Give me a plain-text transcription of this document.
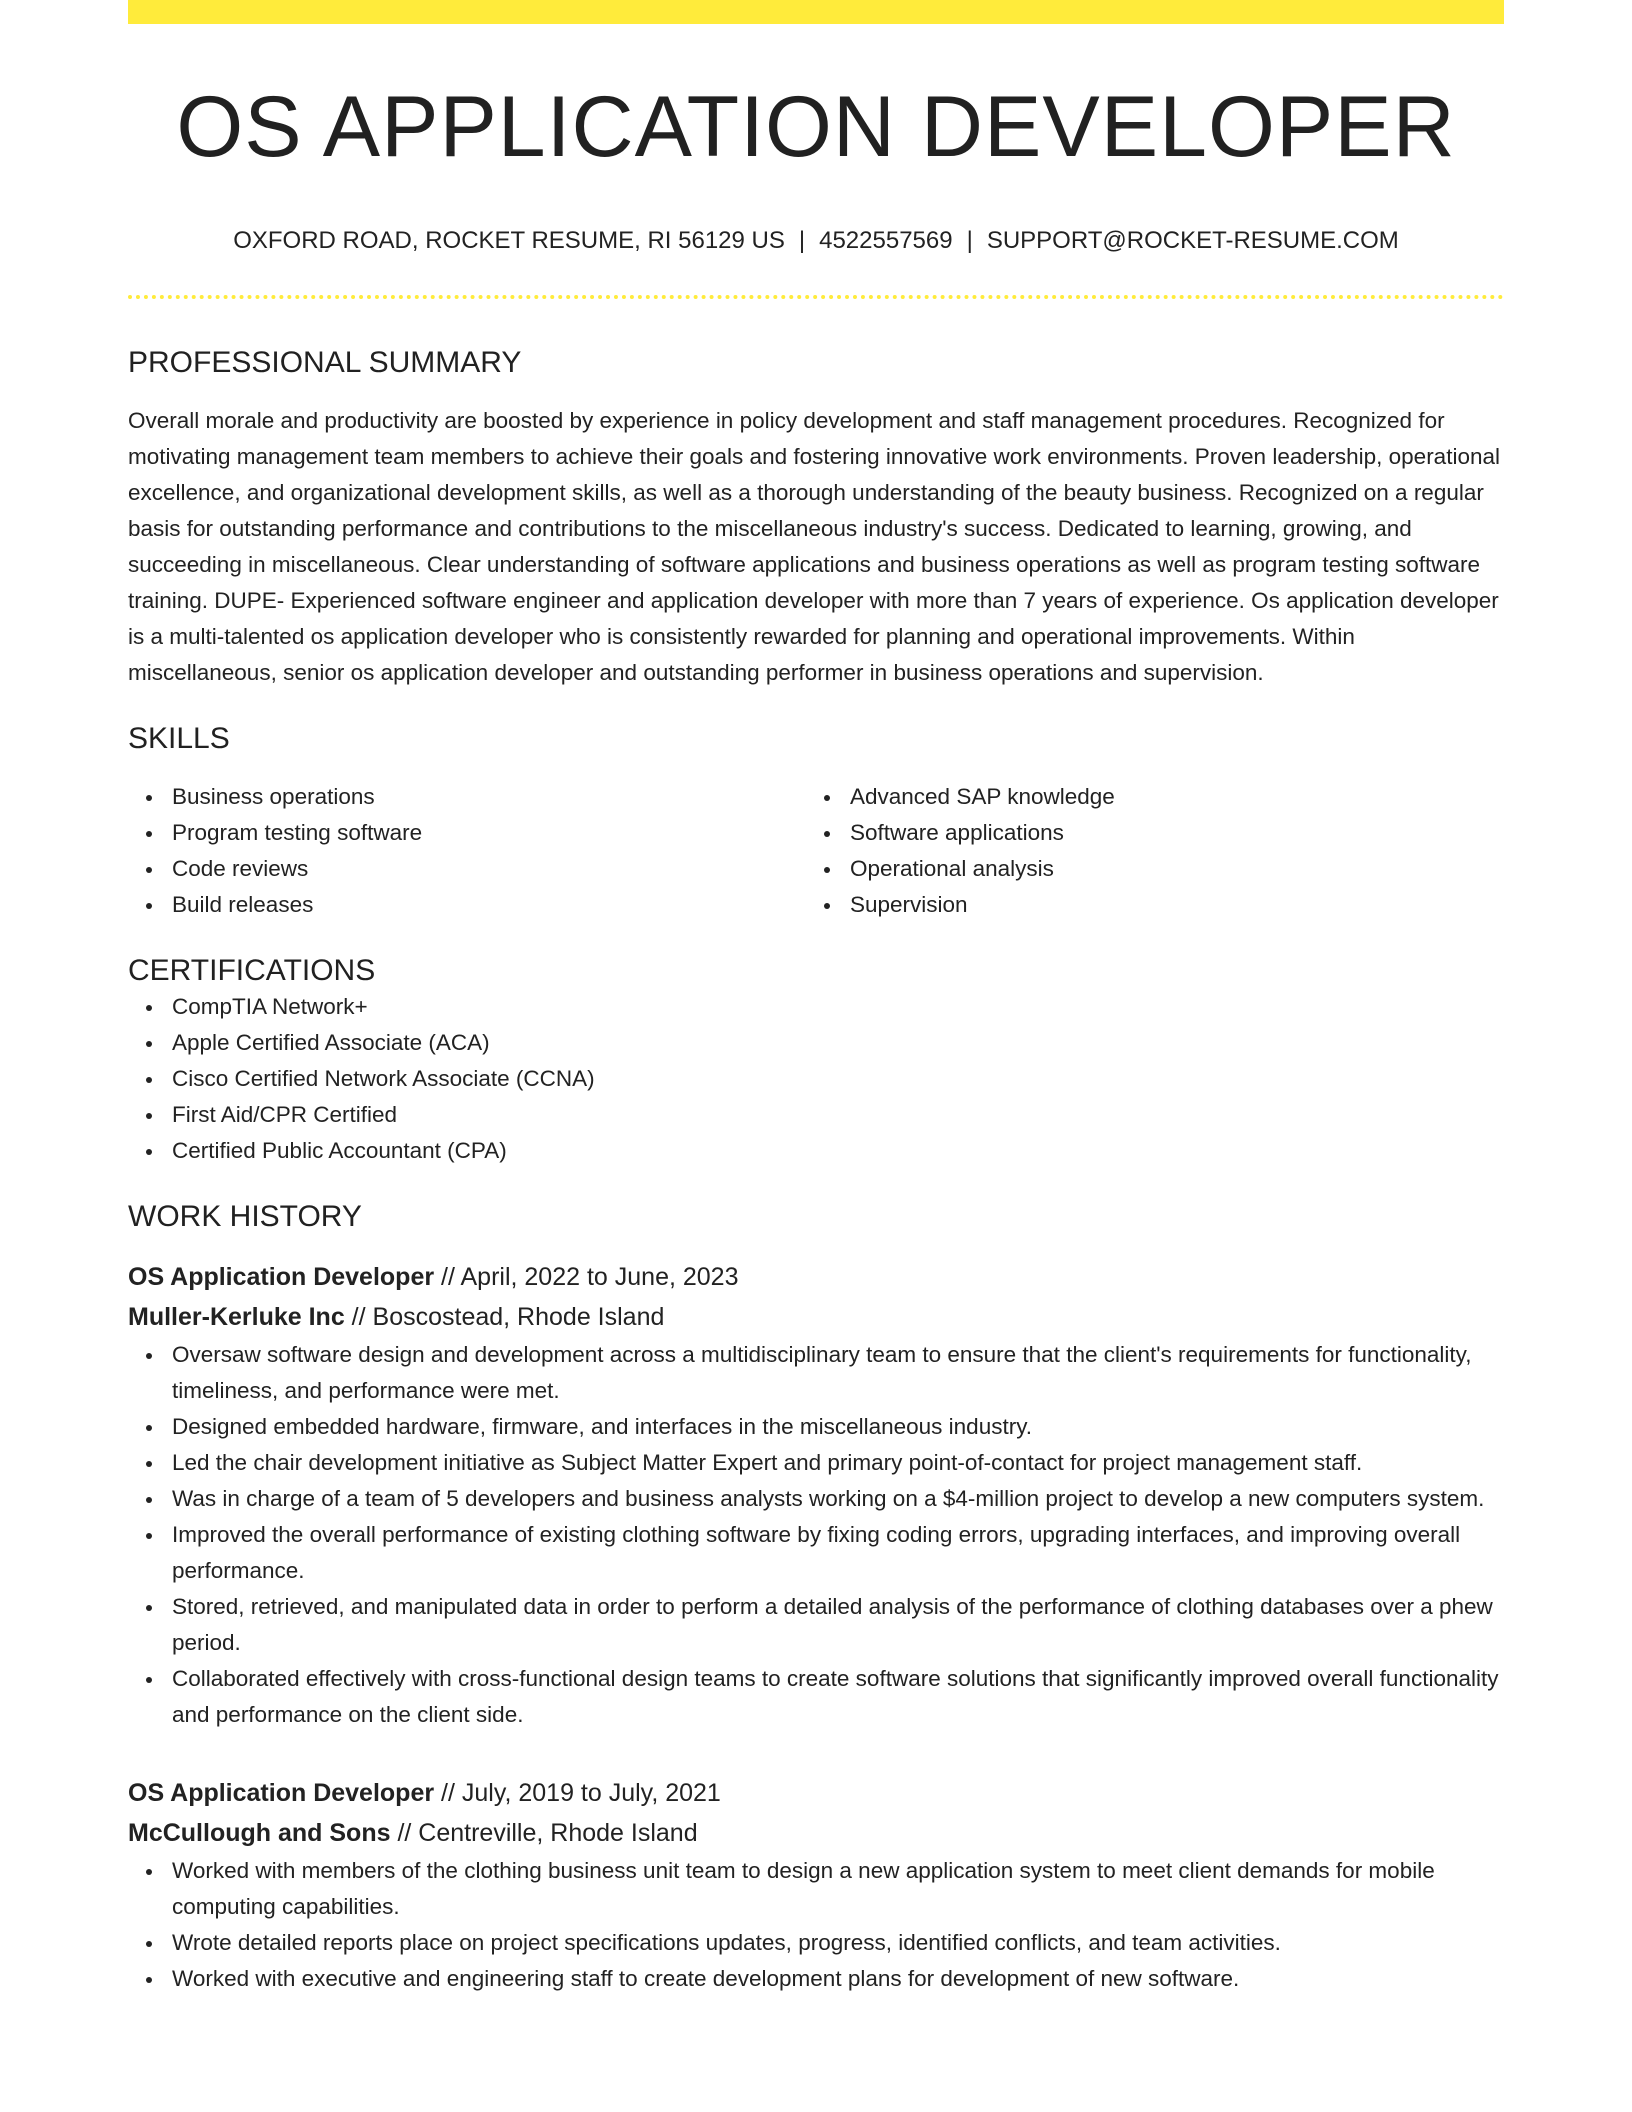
OS APPLICATION DEVELOPER
OXFORD ROAD, ROCKET RESUME, RI 56129 US | 4522557569 | SUPPORT@ROCKET-RESUME.COM
PROFESSIONAL SUMMARY
Overall morale and productivity are boosted by experience in policy development and staff management procedures. Recognized for motivating management team members to achieve their goals and fostering innovative work environments. Proven leadership, operational excellence, and organizational development skills, as well as a thorough understanding of the beauty business. Recognized on a regular basis for outstanding performance and contributions to the miscellaneous industry's success. Dedicated to learning, growing, and succeeding in miscellaneous. Clear understanding of software applications and business operations as well as program testing software training. DUPE- Experienced software engineer and application developer with more than 7 years of experience. Os application developer is a multi-talented os application developer who is consistently rewarded for planning and operational improvements. Within miscellaneous, senior os application developer and outstanding performer in business operations and supervision.
SKILLS
Business operations
Program testing software
Code reviews
Build releases
Advanced SAP knowledge
Software applications
Operational analysis
Supervision
CERTIFICATIONS
CompTIA Network+
Apple Certified Associate (ACA)
Cisco Certified Network Associate (CCNA)
First Aid/CPR Certified
Certified Public Accountant (CPA)
WORK HISTORY
OS Application Developer // April, 2022 to June, 2023
Muller-Kerluke Inc // Boscostead, Rhode Island
Oversaw software design and development across a multidisciplinary team to ensure that the client's requirements for functionality, timeliness, and performance were met.
Designed embedded hardware, firmware, and interfaces in the miscellaneous industry.
Led the chair development initiative as Subject Matter Expert and primary point-of-contact for project management staff.
Was in charge of a team of 5 developers and business analysts working on a $4-million project to develop a new computers system.
Improved the overall performance of existing clothing software by fixing coding errors, upgrading interfaces, and improving overall performance.
Stored, retrieved, and manipulated data in order to perform a detailed analysis of the performance of clothing databases over a phew period.
Collaborated effectively with cross-functional design teams to create software solutions that significantly improved overall functionality and performance on the client side.
OS Application Developer // July, 2019 to July, 2021
McCullough and Sons // Centreville, Rhode Island
Worked with members of the clothing business unit team to design a new application system to meet client demands for mobile computing capabilities.
Wrote detailed reports place on project specifications updates, progress, identified conflicts, and team activities.
Worked with executive and engineering staff to create development plans for development of new software.
